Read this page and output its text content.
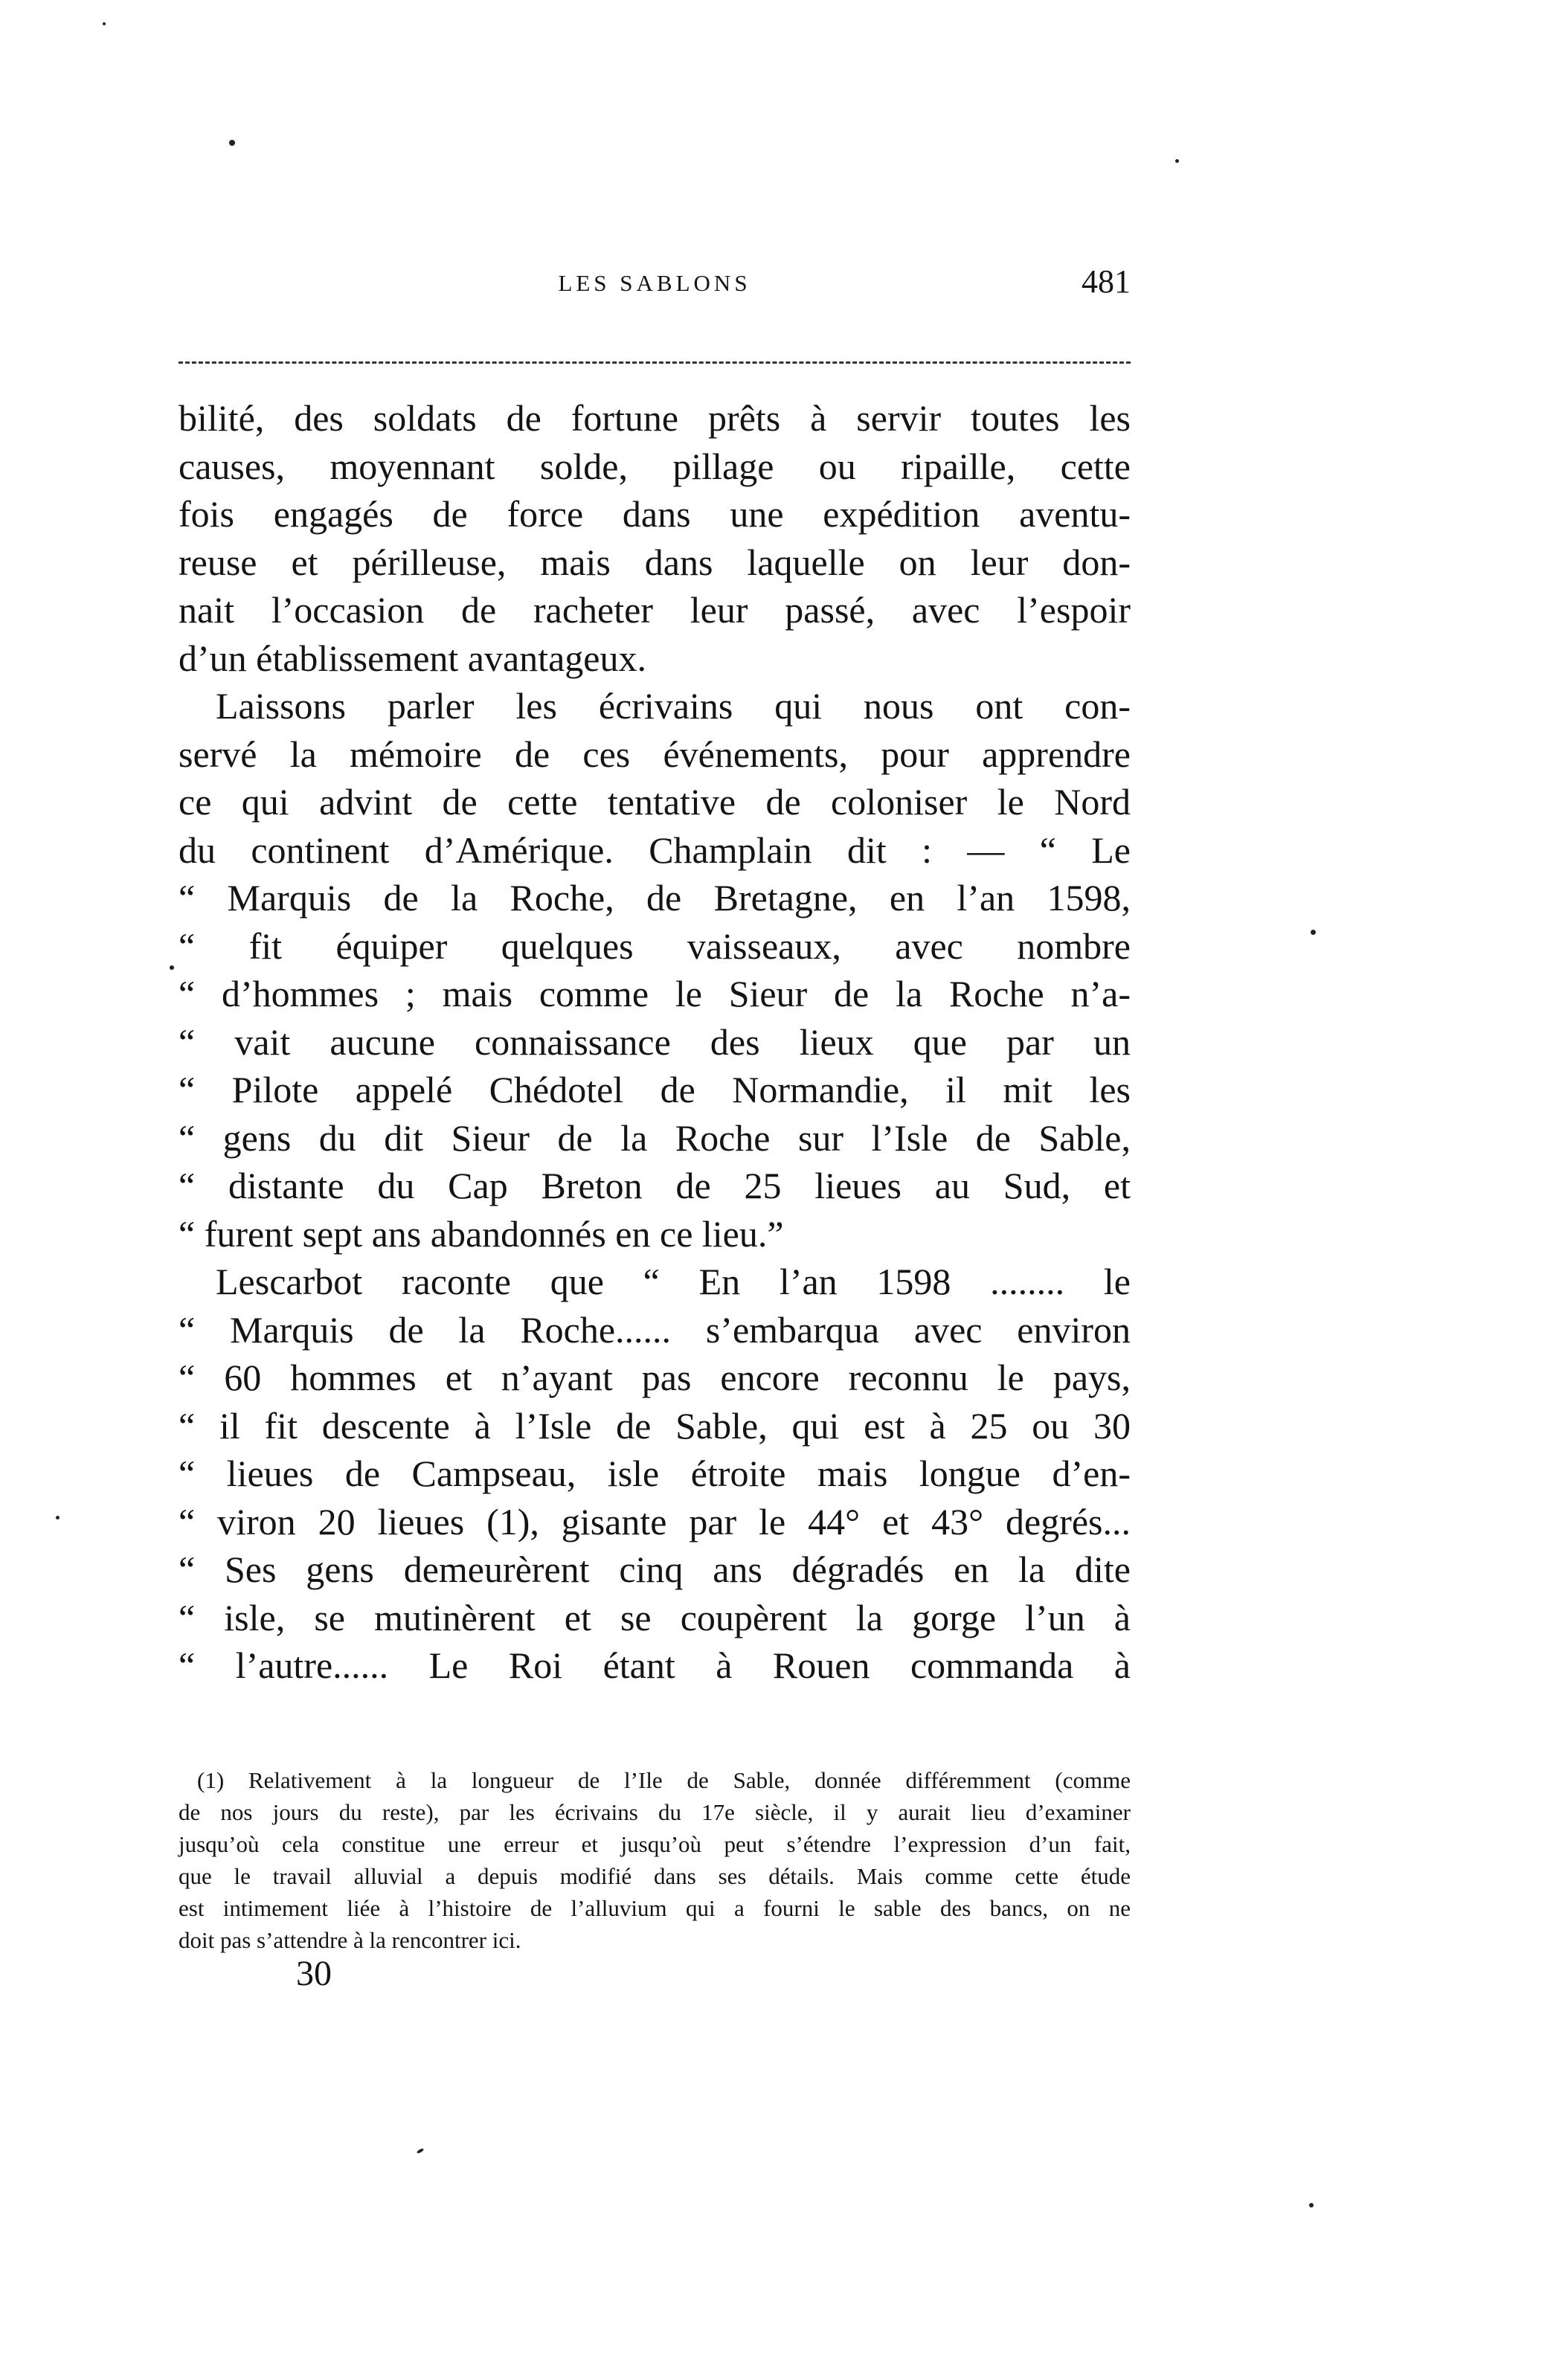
LES SABLONS	481
bilité, des soldats de fortune prêts à servir toutes les
causes, moyennant solde, pillage ou ripaille, cette
fois engagés de force dans une expédition aventu-
reuse et périlleuse, mais dans laquelle on leur don-
nait l’occasion de racheter leur passé, avec l’espoir
d’un établissement avantageux.
Laissons parler les écrivains qui nous ont con-
servé la mémoire de ces événements, pour apprendre
ce qui advint de cette tentative de coloniser le Nord
du continent d’Amérique. Champlain dit : — “ Le
“ Marquis de la Roche, de Bretagne, en l’an 1598,
“ fit équiper quelques vaisseaux, avec nombre
“ d’hommes ; mais comme le Sieur de la Roche n’a-
“ vait aucune connaissance des lieux que par un
“ Pilote appelé Chédotel de Normandie, il mit les
“ gens du dit Sieur de la Roche sur l’Isle de Sable,
“ distante du Cap Breton de 25 lieues au Sud, et
“ furent sept ans abandonnés en ce lieu.”
Lescarbot raconte que “ En l’an 1598 ........ le
“ Marquis de la Roche...... s’embarqua avec environ
“ 60 hommes et n’ayant pas encore reconnu le pays,
“ il fit descente à l’Isle de Sable, qui est à 25 ou 30
“ lieues de Campseau, isle étroite mais longue d’en-
“ viron 20 lieues (1), gisante par le 44° et 43° degrés...
“ Ses gens demeurèrent cinq ans dégradés en la dite
“ isle, se mutinèrent et se coupèrent la gorge l’un à
“ l’autre...... Le Roi étant à Rouen commanda à
(1) Relativement à la longueur de l’Ile de Sable, donnée différemment (comme
de nos jours du reste), par les écrivains du 17e siècle, il y aurait lieu d’examiner
jusqu’où cela constitue une erreur et jusqu’où peut s’étendre l’expression d’un fait,
que le travail alluvial a depuis modifié dans ses détails. Mais comme cette étude
est intimement liée à l’histoire de l’alluvium qui a fourni le sable des bancs, on ne
doit pas s’attendre à la rencontrer ici.
30
